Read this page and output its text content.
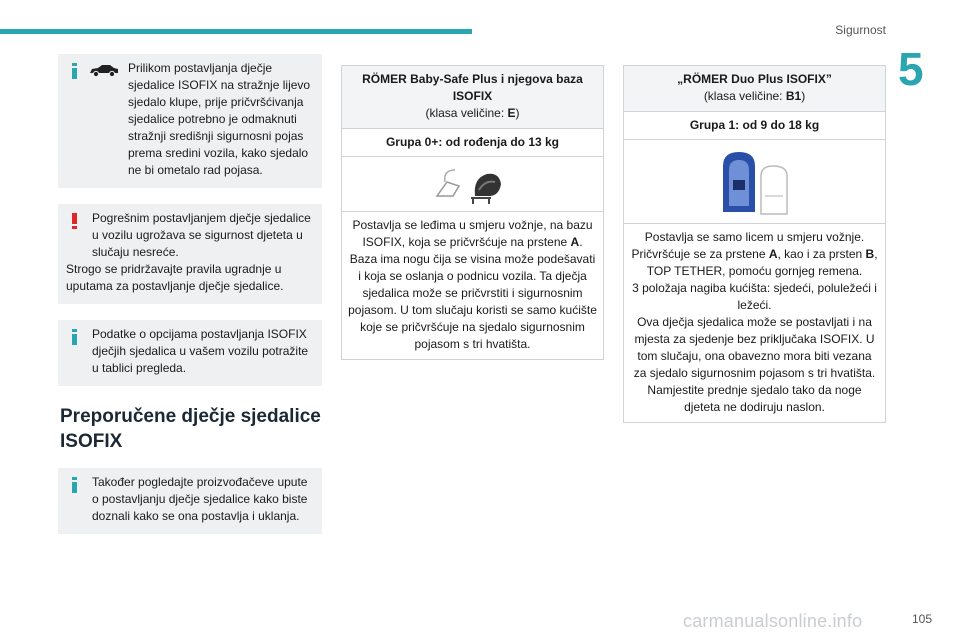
Sigurnost
5
Prilikom postavljanja dječje sjedalice ISOFIX na stražnje lijevo sjedalo klupe, prije pričvršćivanja sjedalice potrebno je odmaknuti stražnji središnji sigurnosni pojas prema sredini vozila, kako sjedalo ne bi ometalo rad pojasa.
Pogrešnim postavljanjem dječje sjedalice u vozilu ugrožava se sigurnost djeteta u slučaju nesreće.
Strogo se pridržavajte pravila ugradnje u uputama za postavljanje dječje sjedalice.
Podatke o opcijama postavljanja ISOFIX dječjih sjedalica u vašem vozilu potražite u tablici pregleda.
Preporučene dječje sjedalice ISOFIX
Također pogledajte proizvođačeve upute o postavljanju dječje sjedalice kako biste doznali kako se ona postavlja i uklanja.
RÖMER Baby-Safe Plus i njegova baza ISOFIX
(klasa veličine: E)
Grupa 0+: od rođenja do 13 kg
Postavlja se leđima u smjeru vožnje, na bazu ISOFIX, koja se pričvršćuje na prstene A. Baza ima nogu čija se visina može podešavati i koja se oslanja o podnicu vozila. Ta dječja sjedalica može se pričvrstiti i sigurnosnim pojasom. U tom slučaju koristi se samo kućište koje se pričvršćuje na sjedalo sigurnosnim pojasom s tri hvatišta.
„RÖMER Duo Plus ISOFIX”
(klasa veličine: B1)
Grupa 1: od 9 do 18 kg
Postavlja se samo licem u smjeru vožnje. Pričvršćuje se za prstene A, kao i za prsten B, TOP TETHER, pomoću gornjeg remena.
3 položaja nagiba kućišta: sjedeći, poluležeći i ležeći.
Ova dječja sjedalica može se postavljati i na mjesta za sjedenje bez priključaka ISOFIX. U tom slučaju, ona obavezno mora biti vezana za sjedalo sigurnosnim pojasom s tri hvatišta.
Namjestite prednje sjedalo tako da noge djeteta ne dodiruju naslon.
105
carmanualsonline.info
